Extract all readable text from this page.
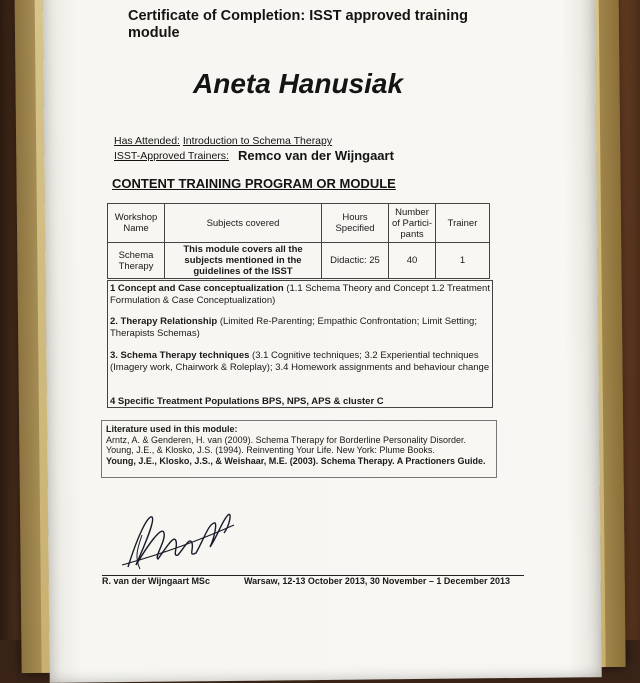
Certificate of Completion: ISST approved training
module
Aneta Hanusiak
Has Attended: Introduction to Schema Therapy
ISST-Approved Trainers: Remco van der Wijngaart
CONTENT TRAINING PROGRAM OR MODULE
Workshop Name	Subjects covered	Hours Specified	Number of Partici-pants	Trainer
Schema Therapy	This module covers all the subjects mentioned in the guidelines of the ISST	Didactic: 25	40	1
1 Concept and Case conceptualization (1.1 Schema Theory and Concept 1.2 Treatment Formulation & Case Conceptualization)
2. Therapy Relationship (Limited Re-Parenting; Empathic Confrontation; Limit Setting; Therapists Schemas)
3. Schema Therapy techniques (3.1 Cognitive techniques; 3.2 Experiential techniques (Imagery work, Chairwork & Roleplay); 3.4 Homework assignments and behaviour change
4 Specific Treatment Populations BPS, NPS, APS & cluster C
Literature used in this module:
Arntz, A. & Genderen, H. van (2009). Schema Therapy for Borderline Personality Disorder.
Young, J.E., & Klosko, J.S. (1994). Reinventing Your Life. New York: Plume Books.
Young, J.E., Klosko, J.S., & Weishaar, M.E. (2003). Schema Therapy. A Practioners Guide.
R. van der Wijngaart MSc	Warsaw, 12-13 October 2013, 30 November – 1 December 2013
